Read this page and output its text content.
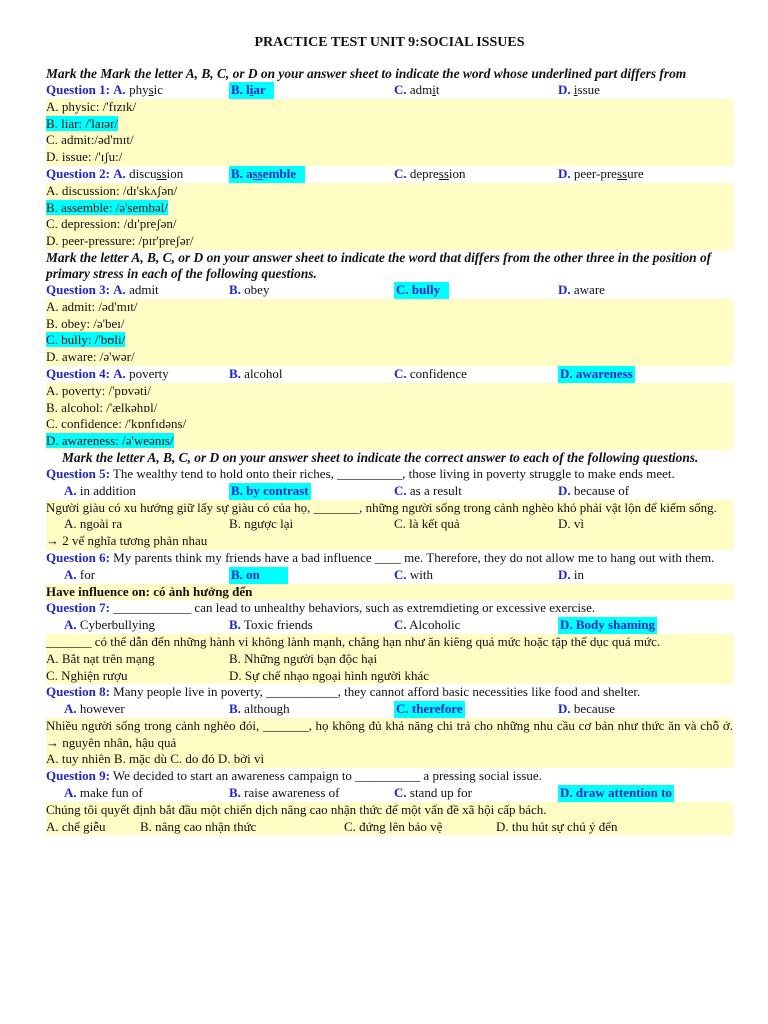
PRACTICE TEST UNIT 9:SOCIAL ISSUES
Mark the Mark the letter A, B, C, or D on your answer sheet to indicate the word whose underlined part differs from
Question 1: A. physic	B. liar	C. admit	D. issue
A. physic: /'fɪzɪk/
B. liar: /'laɪər/
C. admit:/əd'mɪt/
D. issue: /'ɪʃu:/
Question 2: A. discussion	B. assemble	C. depression	D. peer-pressure
A. discussion: /dɪ'skʌʃən/
B. assemble: /ə'sembəl/
C. depression: /dɪ'preʃən/
D. peer-pressure: /pɪr'preʃər/
Mark the letter A, B, C, or D on your answer sheet to indicate the word that differs from the other three in the position of primary stress in each of the following questions.
Question 3: A. admit	B. obey	C. bully	D. aware
A. admit: /əd'mɪt/
B. obey: /ə'beɪ/
C. bully: /'bʊli/
D. aware: /ə'wər/
Question 4: A. poverty	B. alcohol	C. confidence	D. awareness
A. poverty: /'pɒvəti/
B. alcohol: /'ælkəhɒl/
C. confidence: /'kɒnfɪdəns/
D. awareness: /ə'weənɪs/
Mark the letter A, B, C, or D on your answer sheet to indicate the correct answer to each of the following questions.
Question 5: The wealthy tend to hold onto their riches, __________, those living in poverty struggle to make ends meet.
A. in addition	B. by contrast	C. as a result	D. because of
Người giàu có xu hướng giữ lấy sự giàu có của họ, _______, những người sống trong cảnh nghèo khó phải vật lộn để kiếm sống.
A. ngoài ra	B. ngược lại	C. là kết quả	D. vì
→ 2 vế nghĩa tương phản nhau
Question 6: My parents think my friends have a bad influence ____ me. Therefore, they do not allow me to hang out with them.
A. for	B. on	C. with	D. in
Have influence on: có ảnh hưởng đến
Question 7: ____________ can lead to unhealthy behaviors, such as extremdieting or excessive exercise.
A. Cyberbullying	B. Toxic friends	C. Alcoholic	D. Body shaming
_______ có thể dẫn đến những hành vi không lành mạnh, chẳng hạn như ăn kiêng quá mức hoặc tập thể dục quá mức.
A. Bắt nạt trên mạng	B. Những người bạn độc hại
C. Nghiện rượu	D. Sự chế nhạo ngoại hình người khác
Question 8: Many people live in poverty, ___________, they cannot afford basic necessities like food and shelter.
A. however	B. although	C. therefore	D. because
Nhiều người sống trong cảnh nghèo đói, _______, họ không đủ khả năng chi trả cho những nhu cầu cơ bản như thức ăn và chỗ ở. → nguyên nhân, hậu quả
A. tuy nhiên B. mặc dù C. do đó D. bởi vì
Question 9: We decided to start an awareness campaign to __________ a pressing social issue.
A. make fun of	B. raise awareness of	C. stand up for	D. draw attention to
Chúng tôi quyết định bắt đầu một chiến dịch nâng cao nhận thức để một vấn đề xã hội cấp bách.
A. chế giễu	B. nâng cao nhận thức	C. đứng lên bảo vệ	D. thu hút sự chú ý đến
